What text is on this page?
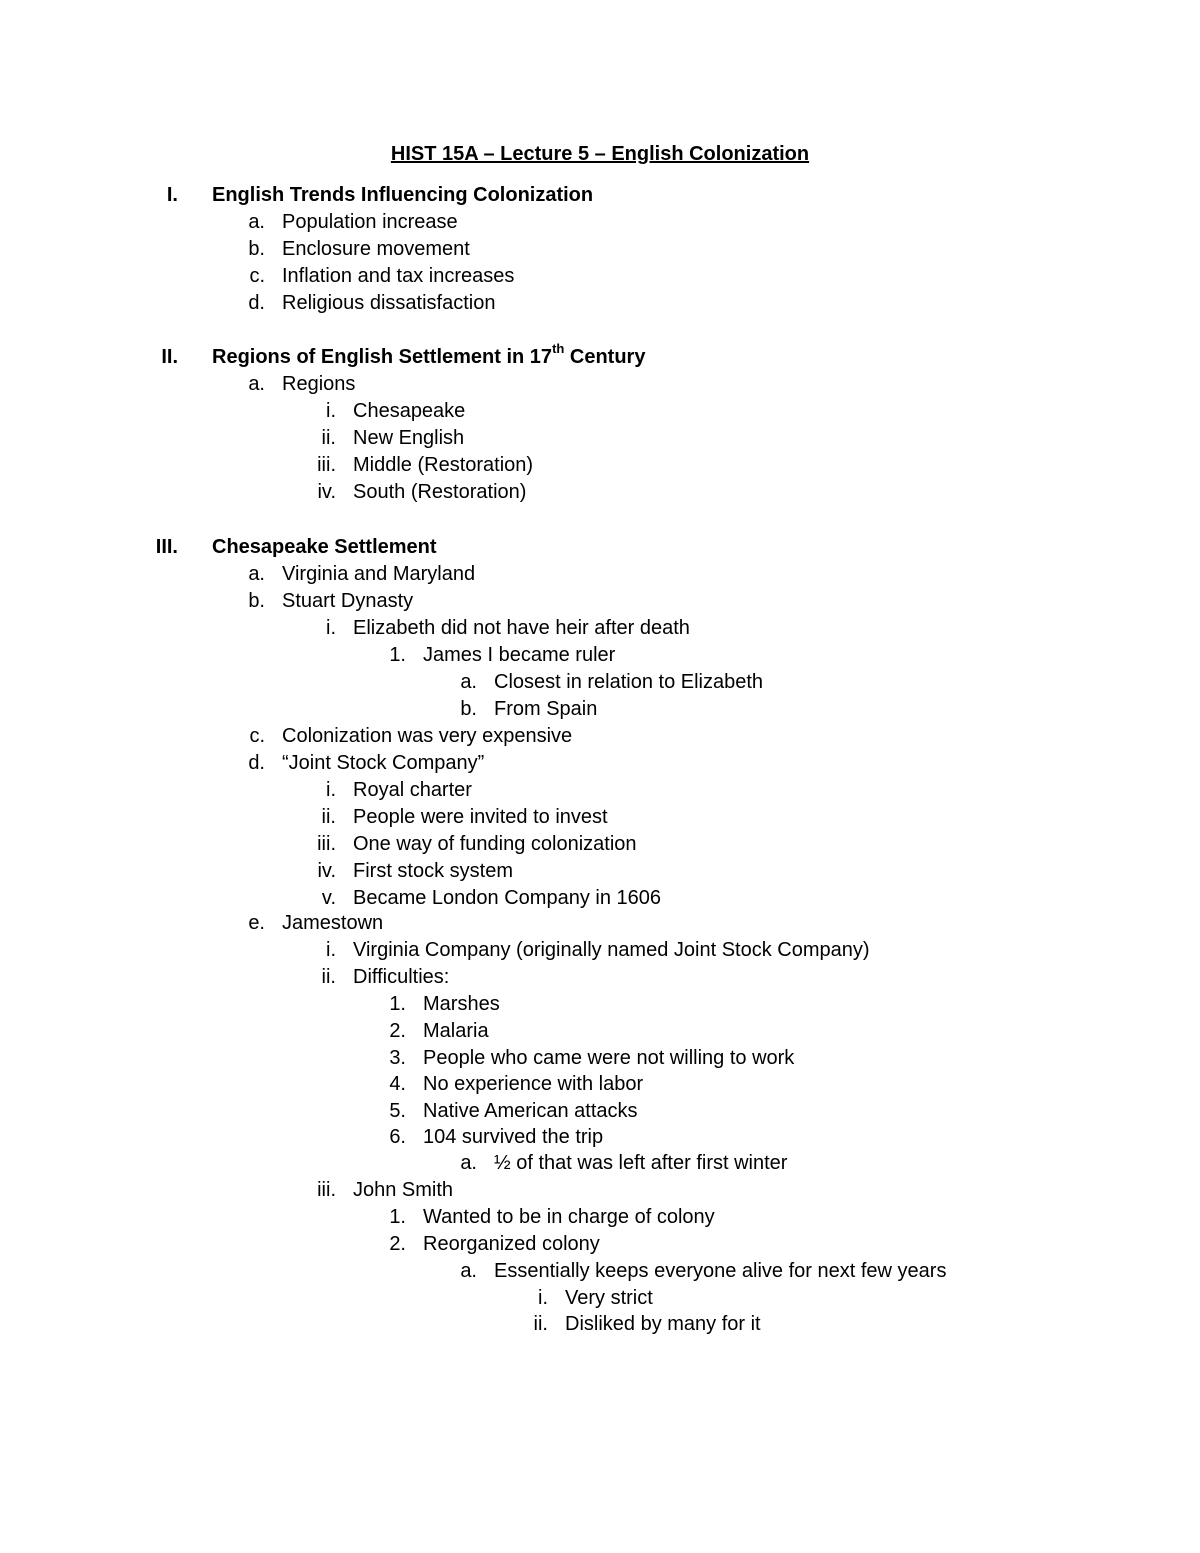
HIST 15A – Lecture 5 – English Colonization
I. English Trends Influencing Colonization
a. Population increase
b. Enclosure movement
c. Inflation and tax increases
d. Religious dissatisfaction
II. Regions of English Settlement in 17th Century
a. Regions
i. Chesapeake
ii. New English
iii. Middle (Restoration)
iv. South (Restoration)
III. Chesapeake Settlement
a. Virginia and Maryland
b. Stuart Dynasty
i. Elizabeth did not have heir after death
1. James I became ruler
a. Closest in relation to Elizabeth
b. From Spain
c. Colonization was very expensive
d. “Joint Stock Company”
i. Royal charter
ii. People were invited to invest
iii. One way of funding colonization
iv. First stock system
v. Became London Company in 1606
e. Jamestown
i. Virginia Company (originally named Joint Stock Company)
ii. Difficulties:
1. Marshes
2. Malaria
3. People who came were not willing to work
4. No experience with labor
5. Native American attacks
6. 104 survived the trip
a. ½ of that was left after first winter
iii. John Smith
1. Wanted to be in charge of colony
2. Reorganized colony
a. Essentially keeps everyone alive for next few years
i. Very strict
ii. Disliked by many for it
